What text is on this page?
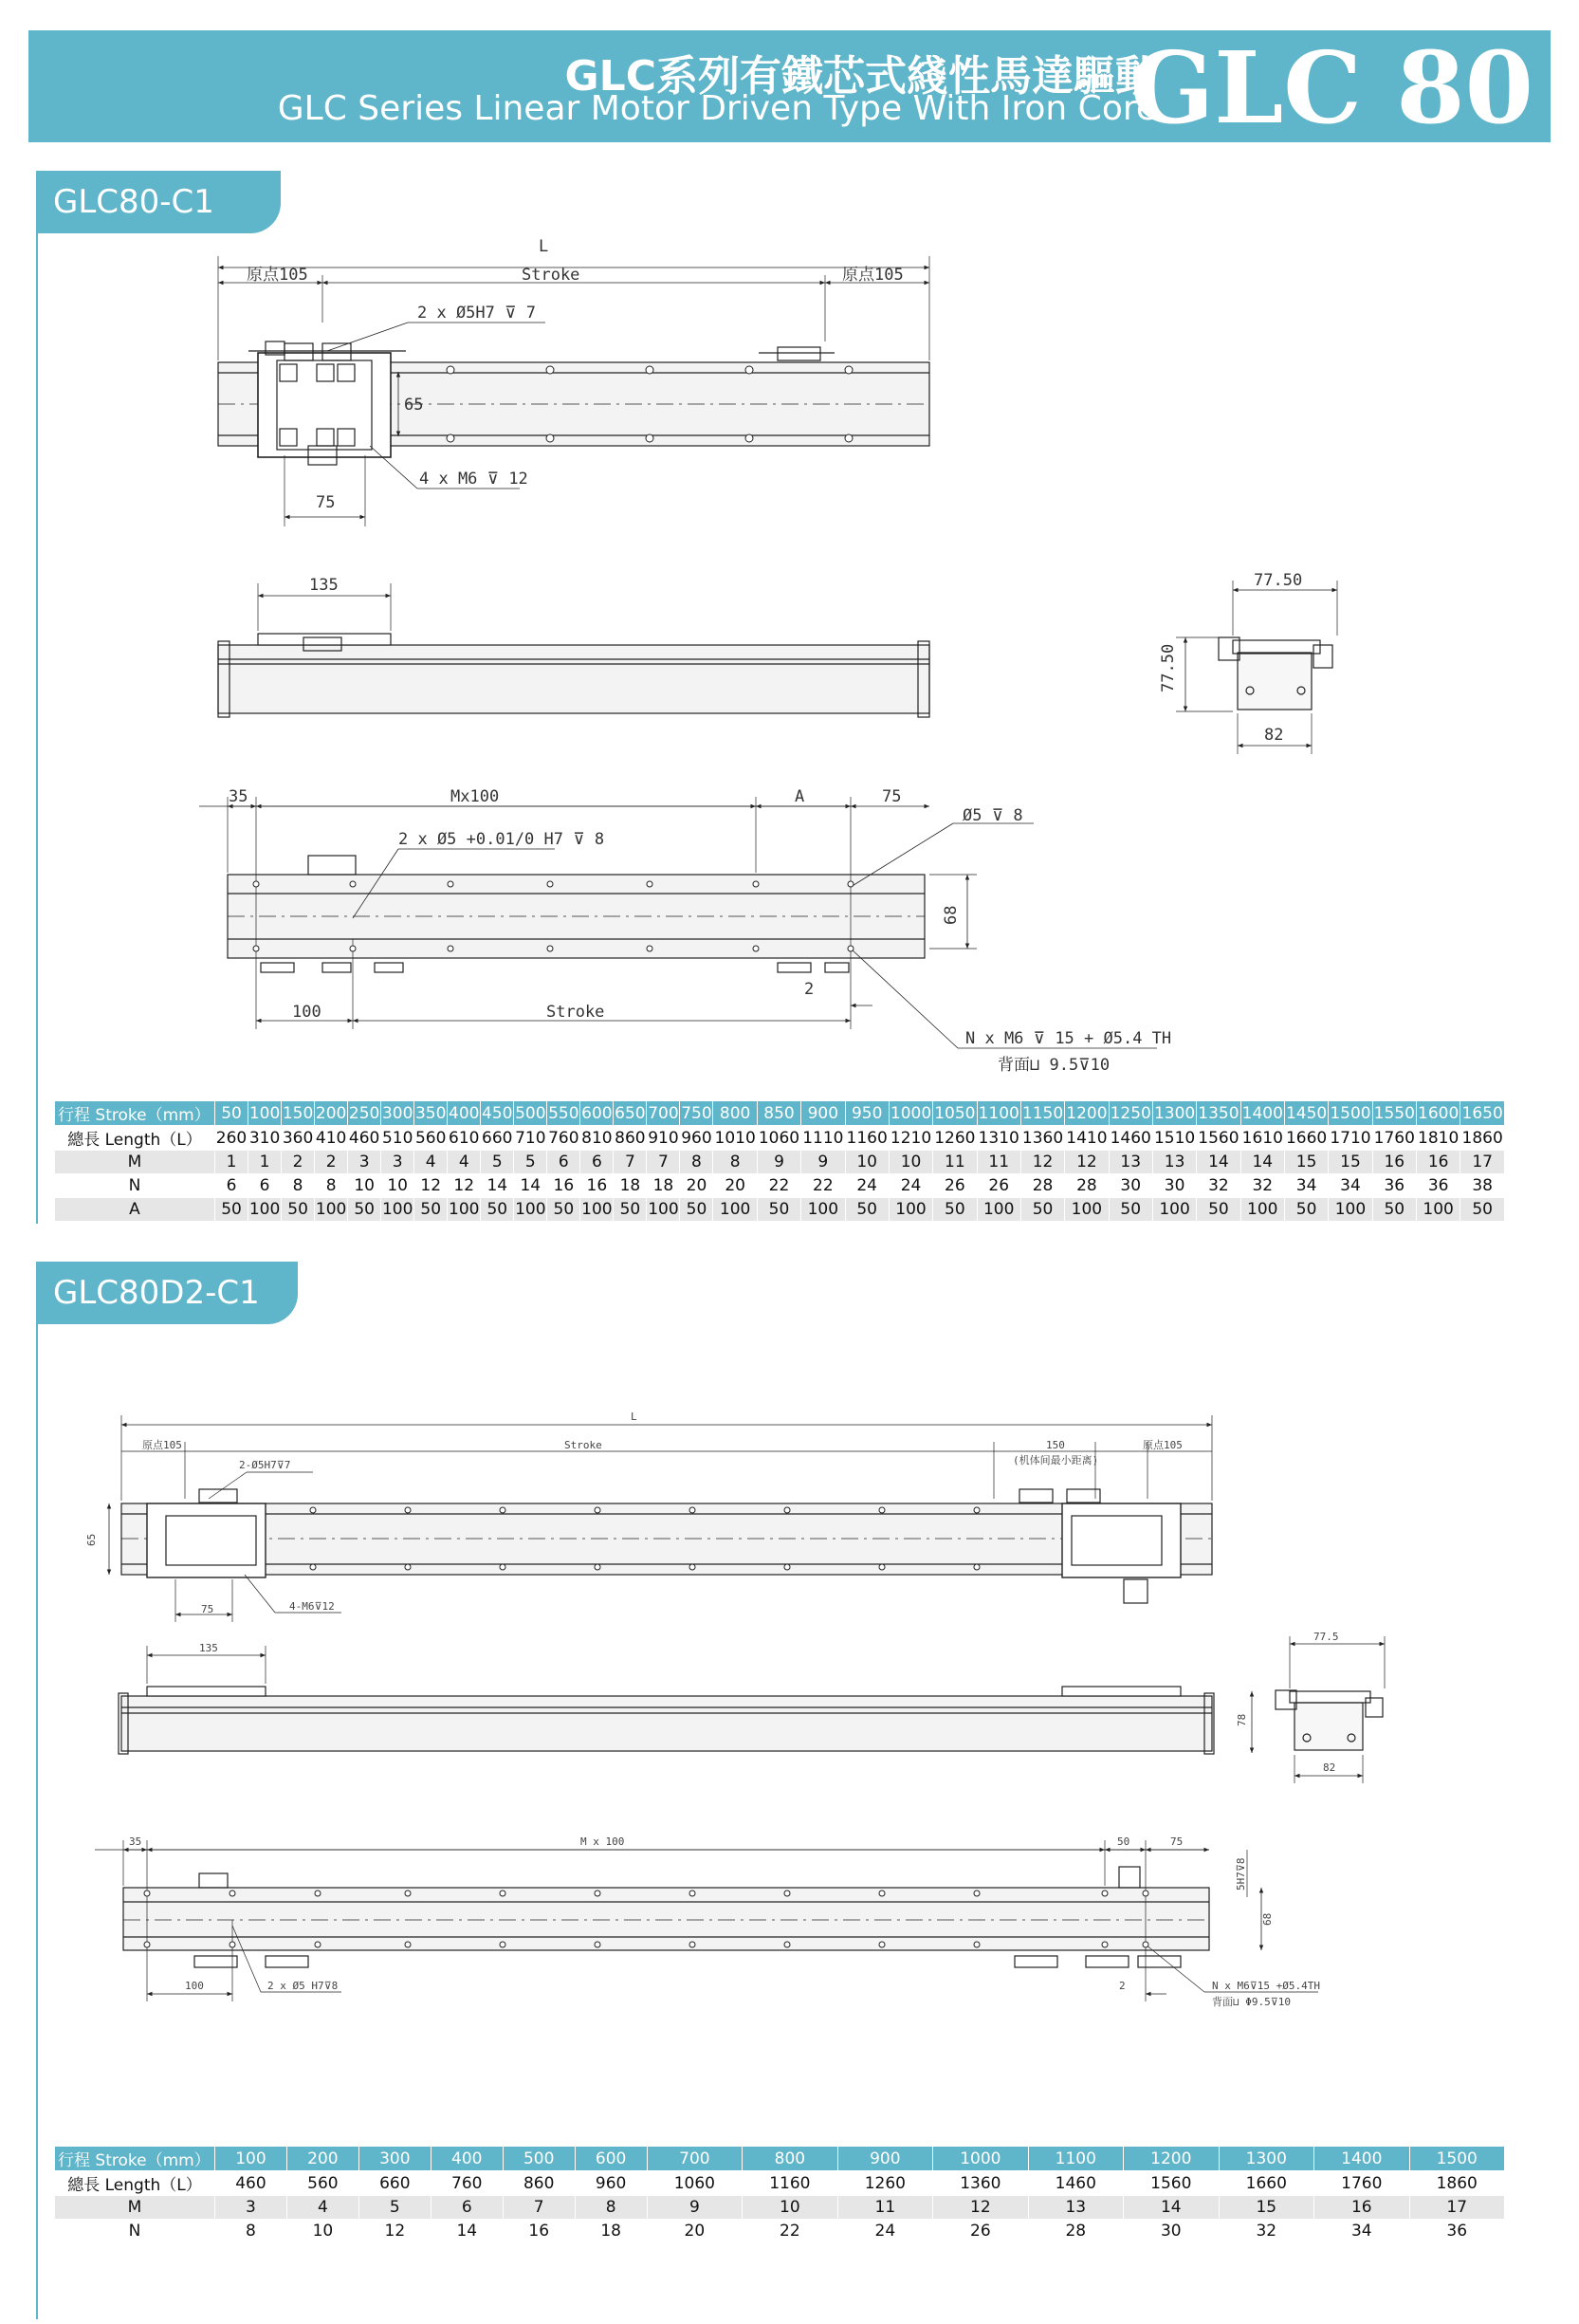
GLC系列有鐵芯式綫性馬達驅動
GLC Series Linear Motor Driven Type With Iron Core
GLC 80
GLC80-C1
GLC80D2-C1
L
原点105	Stroke	原点105
2 x Ø5H7 ⊽ 7
4 x M6 ⊽ 12
65
75
135	77.50
77.50
82
35	Mx100	A	75
2 x Ø5 +0.01/0 H7 ⊽ 8
Ø5 ⊽ 8
68
2
100	Stroke
N x M6 ⊽ 15 + Ø5.4 TH
背面⊔ 9.5⊽10
L
原点105	Stroke	150
(机体间最小距离)
原点105
2-Ø5H7⊽7
4-M6⊽12
65
75
135
77.5
78
82
35	M x 100	50	75
5H7⊽8
68
100	2 x Ø5 H7⊽8	2	N x M6⊽15 +Ø5.4TH
背面⊔ Φ9.5⊽10
行程 Stroke（mm）	50	100	150	200	250	300	350	400	450	500	550	600	650	700	750	800	850	900	950	1000	1050	1100	1150	1200	1250	1300	1350	1400	1450	1500	1550	1600	1650
總長 Length（L）	260	310	360	410	460	510	560	610	660	710	760	810	860	910	960	1010	1060	1110	1160	1210	1260	1310	1360	1410	1460	1510	1560	1610	1660	1710	1760	1810	1860
M	1	1	2	2	3	3	4	4	5	5	6	6	7	7	8	8	9	9	10	10	11	11	12	12	13	13	14	14	15	15	16	16	17
N	6	6	8	8	10	10	12	12	14	14	16	16	18	18	20	20	22	22	24	24	26	26	28	28	30	30	32	32	34	34	36	36	38
A	50	100	50	100	50	100	50	100	50	100	50	100	50	100	50	100	50	100	50	100	50	100	50	100	50	100	50	100	50	100	50	100	50
行程 Stroke（mm）	100	200	300	400	500	600	700	800	900	1000	1100	1200	1300	1400	1500
總長 Length（L）	460	560	660	760	860	960	1060	1160	1260	1360	1460	1560	1660	1760	1860
M	3	4	5	6	7	8	9	10	11	12	13	14	15	16	17
N	8	10	12	14	16	18	20	22	24	26	28	30	32	34	36
